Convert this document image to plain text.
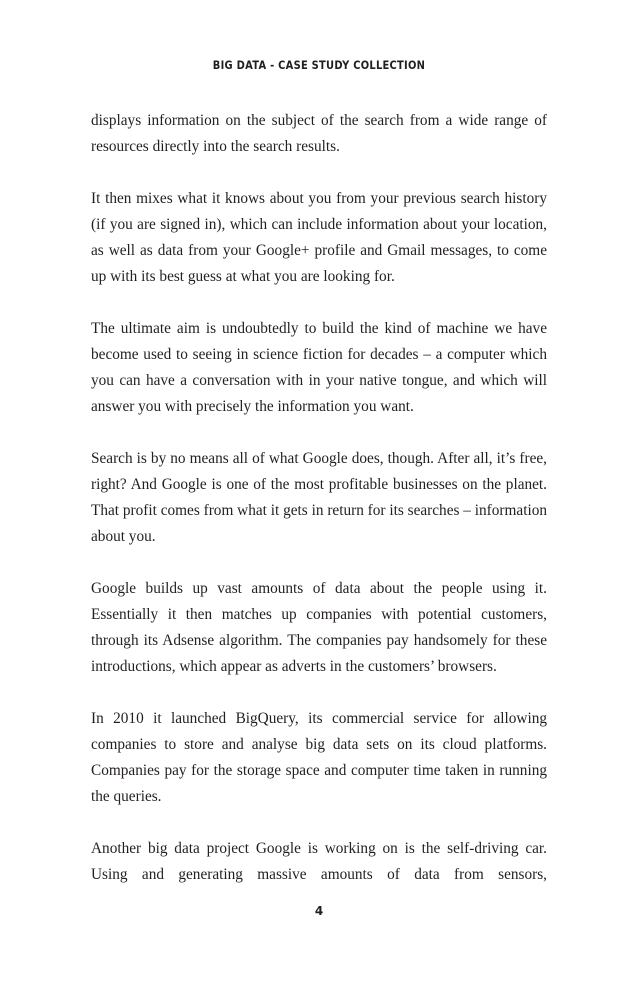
BIG DATA - CASE STUDY COLLECTION

displays information on the subject of the search from a wide range of resources directly into the search results.

It then mixes what it knows about you from your previous search history (if you are signed in), which can include information about your location, as well as data from your Google+ profile and Gmail messages, to come up with its best guess at what you are looking for.

The ultimate aim is undoubtedly to build the kind of machine we have become used to seeing in science fiction for decades – a computer which you can have a conversation with in your native tongue, and which will answer you with precisely the information you want.

Search is by no means all of what Google does, though. After all, it’s free, right? And Google is one of the most profitable businesses on the planet. That profit comes from what it gets in return for its searches – information about you.

Google builds up vast amounts of data about the people using it. Essentially it then matches up companies with potential customers, through its Adsense algorithm. The companies pay handsomely for these introductions, which appear as adverts in the customers’ browsers.

In 2010 it launched BigQuery, its commercial service for allowing companies to store and analyse big data sets on its cloud platforms. Companies pay for the storage space and computer time taken in running the queries.

Another big data project Google is working on is the self-driving car. Using and generating massive amounts of data from sensors,

4
